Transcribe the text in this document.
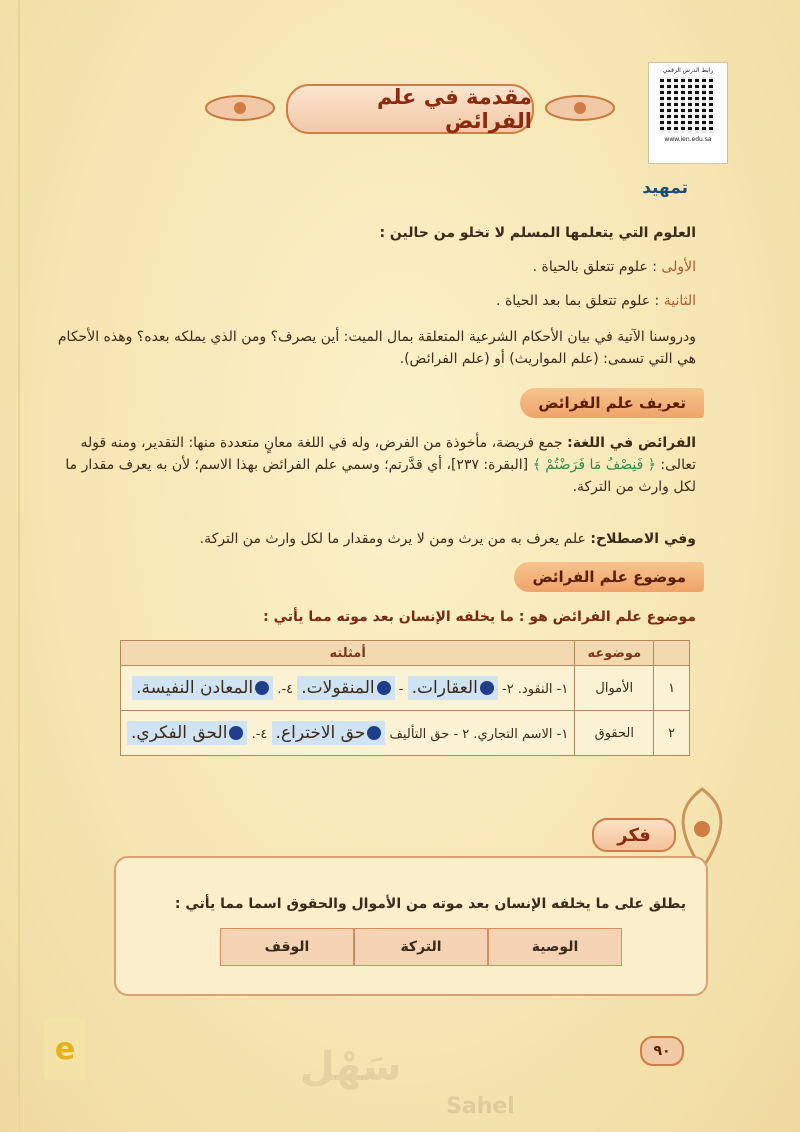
رابط الدرس الرقمي
www.ien.edu.sa
مقدمة في علم الفرائض
تمهيد
العلوم التي يتعلمها المسلم لا تخلو من حالين :
الأولى : علوم تتعلق بالحياة .
الثانية : علوم تتعلق بما بعد الحياة .
ودروسنا الآتية في بيان الأحكام الشرعية المتعلقة بمال الميت: أين يصرف؟ ومن الذي يملكه بعده؟ وهذه الأحكام هي التي تسمى: (علم المواريث) أو (علم الفرائض).
تعريف علم الفرائض
الفرائض في اللغة: جمع فريضة، مأخوذة من الفرض، وله في اللغة معانٍ متعددة منها: التقدير، ومنه قوله تعالى: ﴿ فَنِصْفُ مَا فَرَضْتُمْ ﴾ [البقرة: ٢٣٧]، أي قدَّرتم؛ وسمي علم الفرائض بهذا الاسم؛ لأن به يعرف مقدار ما لكل وارث من التركة.
وفي الاصطلاح: علم يعرف به من يرث ومن لا يرث ومقدار ما لكل وارث من التركة.
موضوع علم الفرائض
موضوع علم الفرائض هو : ما يخلفه الإنسان بعد موته مما يأتي :
	موضوعه	أمثلته
١	الأموال	١- النقود. ٢- العقارات. - المنقولات. ٤-. المعادن النفيسة.
٢	الحقوق	١- الاسم التجاري. ٢ - حق التأليف حق الاختراع. ٤-. الحق الفكري.
فكر
يطلق على ما يخلفه الإنسان بعد موته من الأموال والحقوق اسما مما يأتي :
الوصية
التركة
الوقف
e	سَهْل
Sahel
٩٠
